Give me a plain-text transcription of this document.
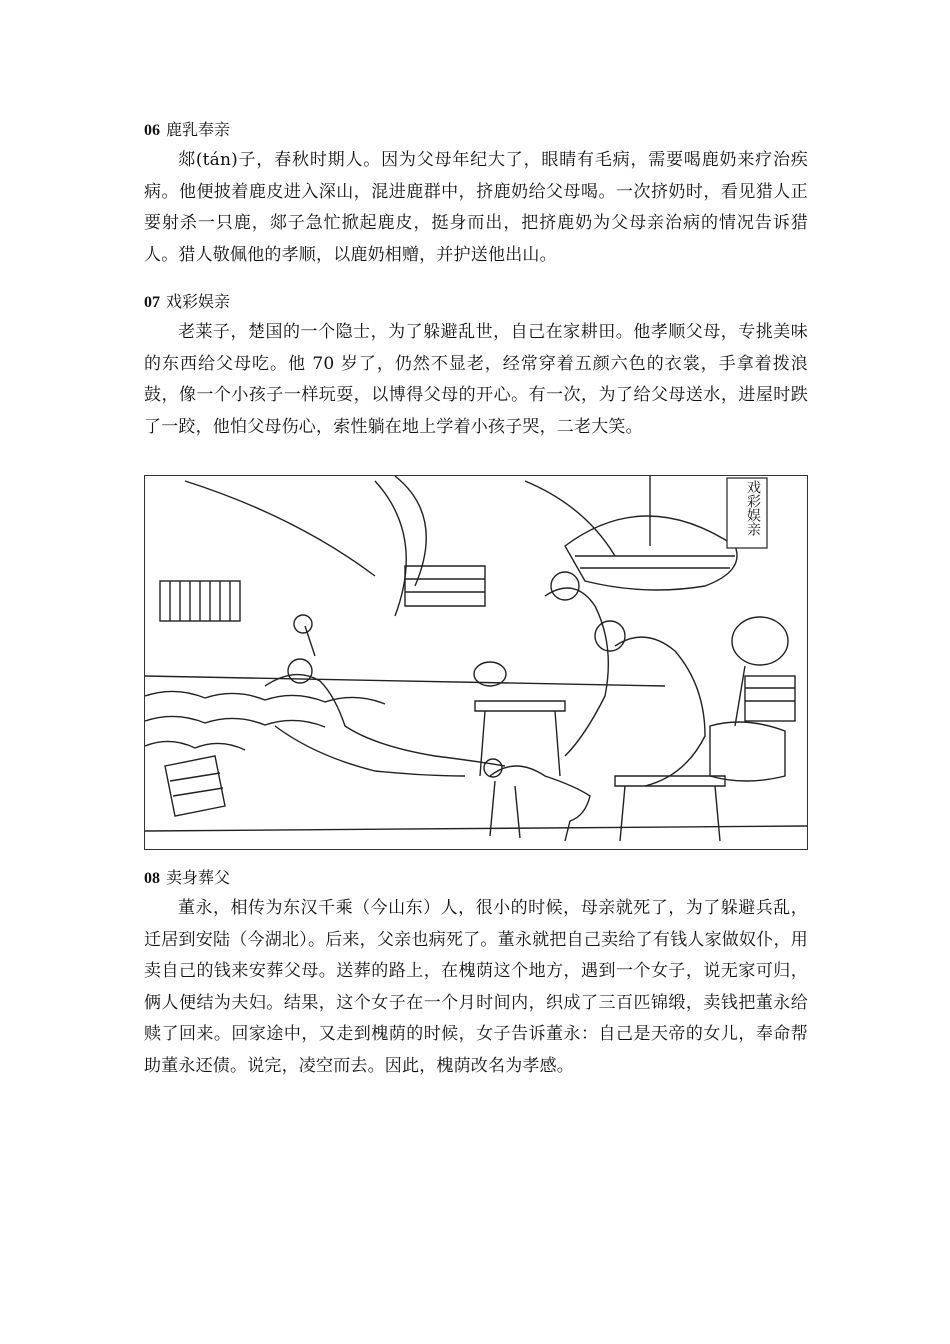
06 鹿乳奉亲

郯(tán)子，春秋时期人。因为父母年纪大了，眼睛有毛病，需要喝鹿奶来疗治疾病。他便披着鹿皮进入深山，混进鹿群中，挤鹿奶给父母喝。一次挤奶时，看见猎人正要射杀一只鹿，郯子急忙掀起鹿皮，挺身而出，把挤鹿奶为父母亲治病的情况告诉猎人。猎人敬佩他的孝顺，以鹿奶相赠，并护送他出山。

07 戏彩娱亲

老莱子，楚国的一个隐士，为了躲避乱世，自己在家耕田。他孝顺父母，专挑美味的东西给父母吃。他 70 岁了，仍然不显老，经常穿着五颜六色的衣裳，手拿着拨浪鼓，像一个小孩子一样玩耍，以博得父母的开心。有一次，为了给父母送水，进屋时跌了一跤，他怕父母伤心，索性躺在地上学着小孩子哭，二老大笑。

戏彩娱亲
08 卖身葬父

董永，相传为东汉千乘（今山东）人，很小的时候，母亲就死了，为了躲避兵乱，迁居到安陆（今湖北）。后来，父亲也病死了。董永就把自己卖给了有钱人家做奴仆，用卖自己的钱来安葬父母。送葬的路上，在槐荫这个地方，遇到一个女子，说无家可归，俩人便结为夫妇。结果，这个女子在一个月时间内，织成了三百匹锦缎，卖钱把董永给赎了回来。回家途中，又走到槐荫的时候，女子告诉董永：自己是天帝的女儿，奉命帮助董永还债。说完，凌空而去。因此，槐荫改名为孝感。
